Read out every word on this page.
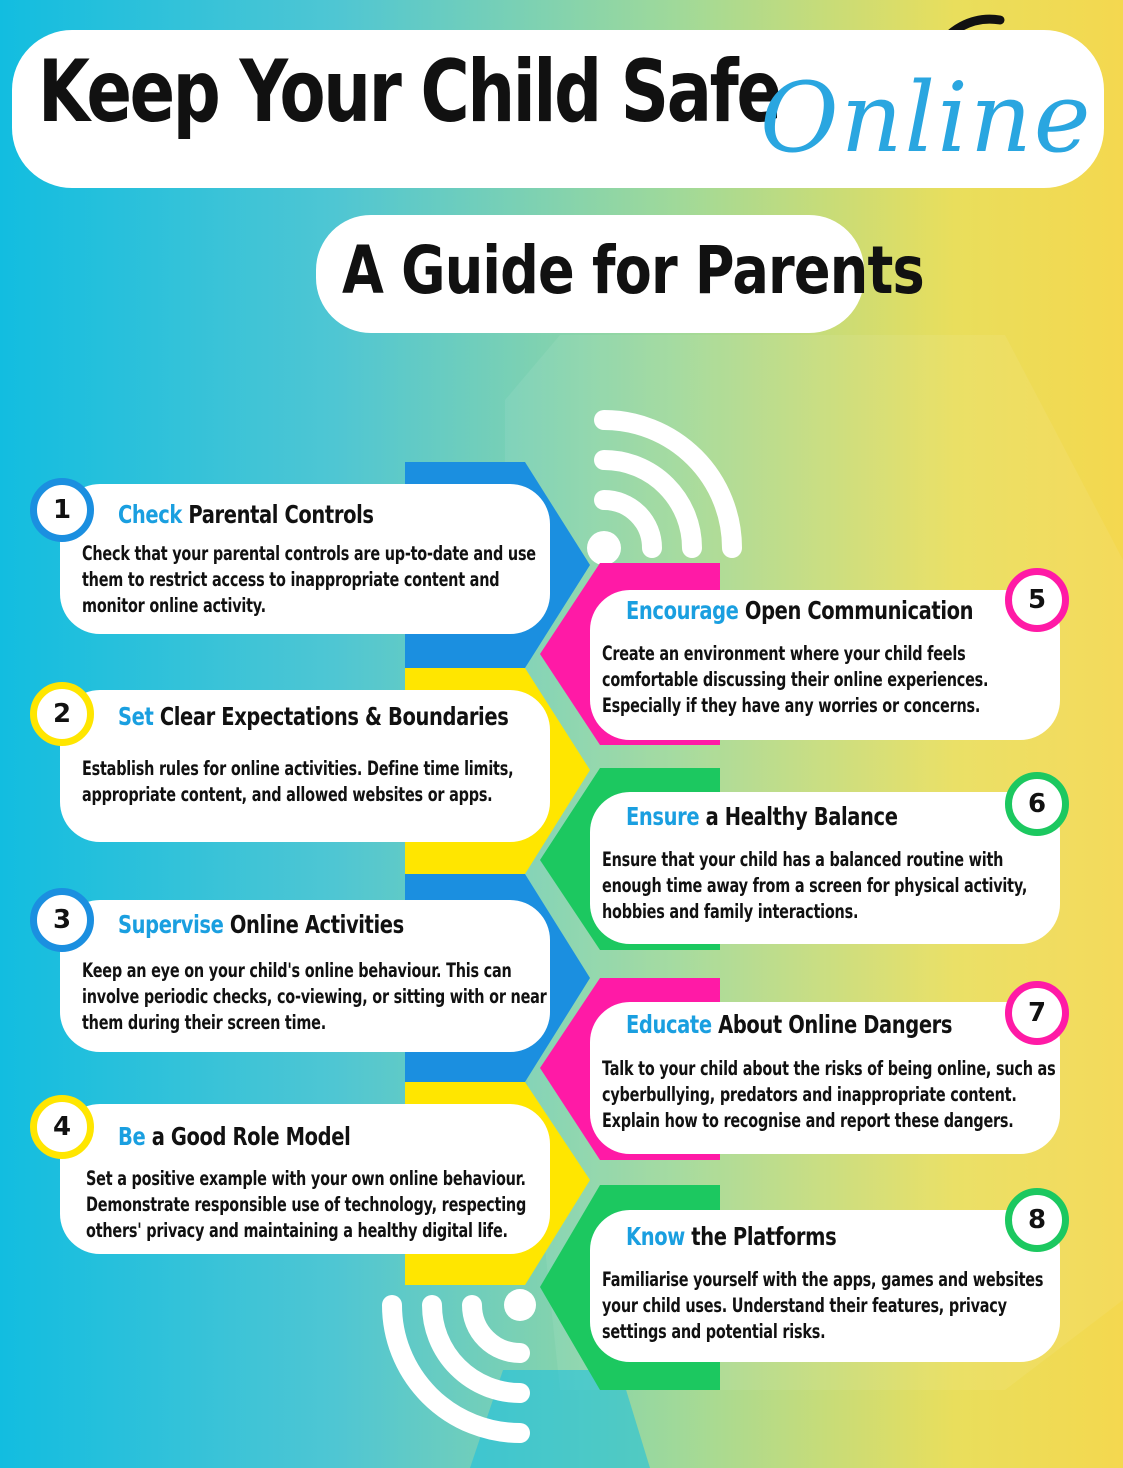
Keep Your Child Safe
Online
A Guide for Parents
1
2
3
4
5
6
7
8
Check Parental Controls
Set Clear Expectations & Boundaries
Supervise Online Activities
Be a Good Role Model
Encourage Open Communication
Ensure a Healthy Balance
Educate About Online Dangers
Know the Platforms
Check that your parental controls are up-to-date and use them to restrict access to inappropriate content and monitor online activity.
Establish rules for online activities. Define time limits, appropriate content, and allowed websites or apps.
Keep an eye on your child's online behaviour. This can involve periodic checks, co-viewing, or sitting with or near them during their screen time.
Set a positive example with your own online behaviour. Demonstrate responsible use of technology, respecting others' privacy and maintaining a healthy digital life.
Create an environment where your child feels comfortable discussing their online experiences. Especially if they have any worries or concerns.
Ensure that your child has a balanced routine with enough time away from a screen for physical activity, hobbies and family interactions.
Talk to your child about the risks of being online, such as cyberbullying, predators and inappropriate content. Explain how to recognise and report these dangers.
Familiarise yourself with the apps, games and websites your child uses. Understand their features, privacy settings and potential risks.
